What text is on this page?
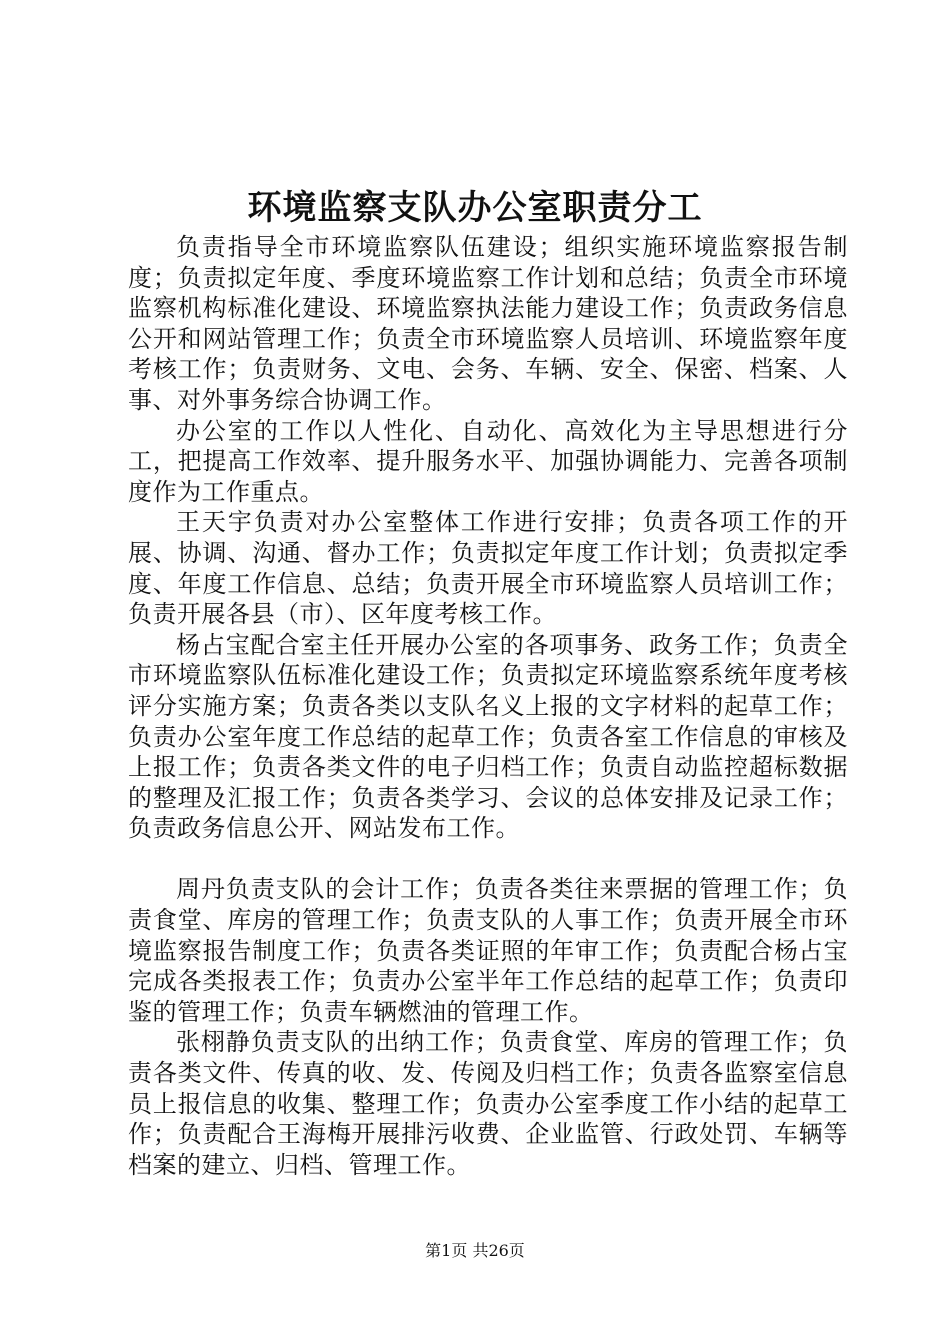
环境监察支队办公室职责分工

负责指导全市环境监察队伍建设；组织实施环境监察报告制度；负责拟定年度、季度环境监察工作计划和总结；负责全市环境监察机构标准化建设、环境监察执法能力建设工作；负责政务信息公开和网站管理工作；负责全市环境监察人员培训、环境监察年度考核工作；负责财务、文电、会务、车辆、安全、保密、档案、人事、对外事务综合协调工作。

办公室的工作以人性化、自动化、高效化为主导思想进行分工，把提高工作效率、提升服务水平、加强协调能力、完善各项制度作为工作重点。

王天宇负责对办公室整体工作进行安排；负责各项工作的开展、协调、沟通、督办工作；负责拟定年度工作计划；负责拟定季度、年度工作信息、总结；负责开展全市环境监察人员培训工作；负责开展各县（市）、区年度考核工作。

杨占宝配合室主任开展办公室的各项事务、政务工作；负责全市环境监察队伍标准化建设工作；负责拟定环境监察系统年度考核评分实施方案；负责各类以支队名义上报的文字材料的起草工作；负责办公室年度工作总结的起草工作；负责各室工作信息的审核及上报工作；负责各类文件的电子归档工作；负责自动监控超标数据的整理及汇报工作；负责各类学习、会议的总体安排及记录工作；负责政务信息公开、网站发布工作。

周丹负责支队的会计工作；负责各类往来票据的管理工作；负责食堂、库房的管理工作；负责支队的人事工作；负责开展全市环境监察报告制度工作；负责各类证照的年审工作；负责配合杨占宝完成各类报表工作；负责办公室半年工作总结的起草工作；负责印鉴的管理工作；负责车辆燃油的管理工作。

张栩静负责支队的出纳工作；负责食堂、库房的管理工作；负责各类文件、传真的收、发、传阅及归档工作；负责各监察室信息员上报信息的收集、整理工作；负责办公室季度工作小结的起草工作；负责配合王海梅开展排污收费、企业监管、行政处罚、车辆等档案的建立、归档、管理工作。

第1页 共26页
